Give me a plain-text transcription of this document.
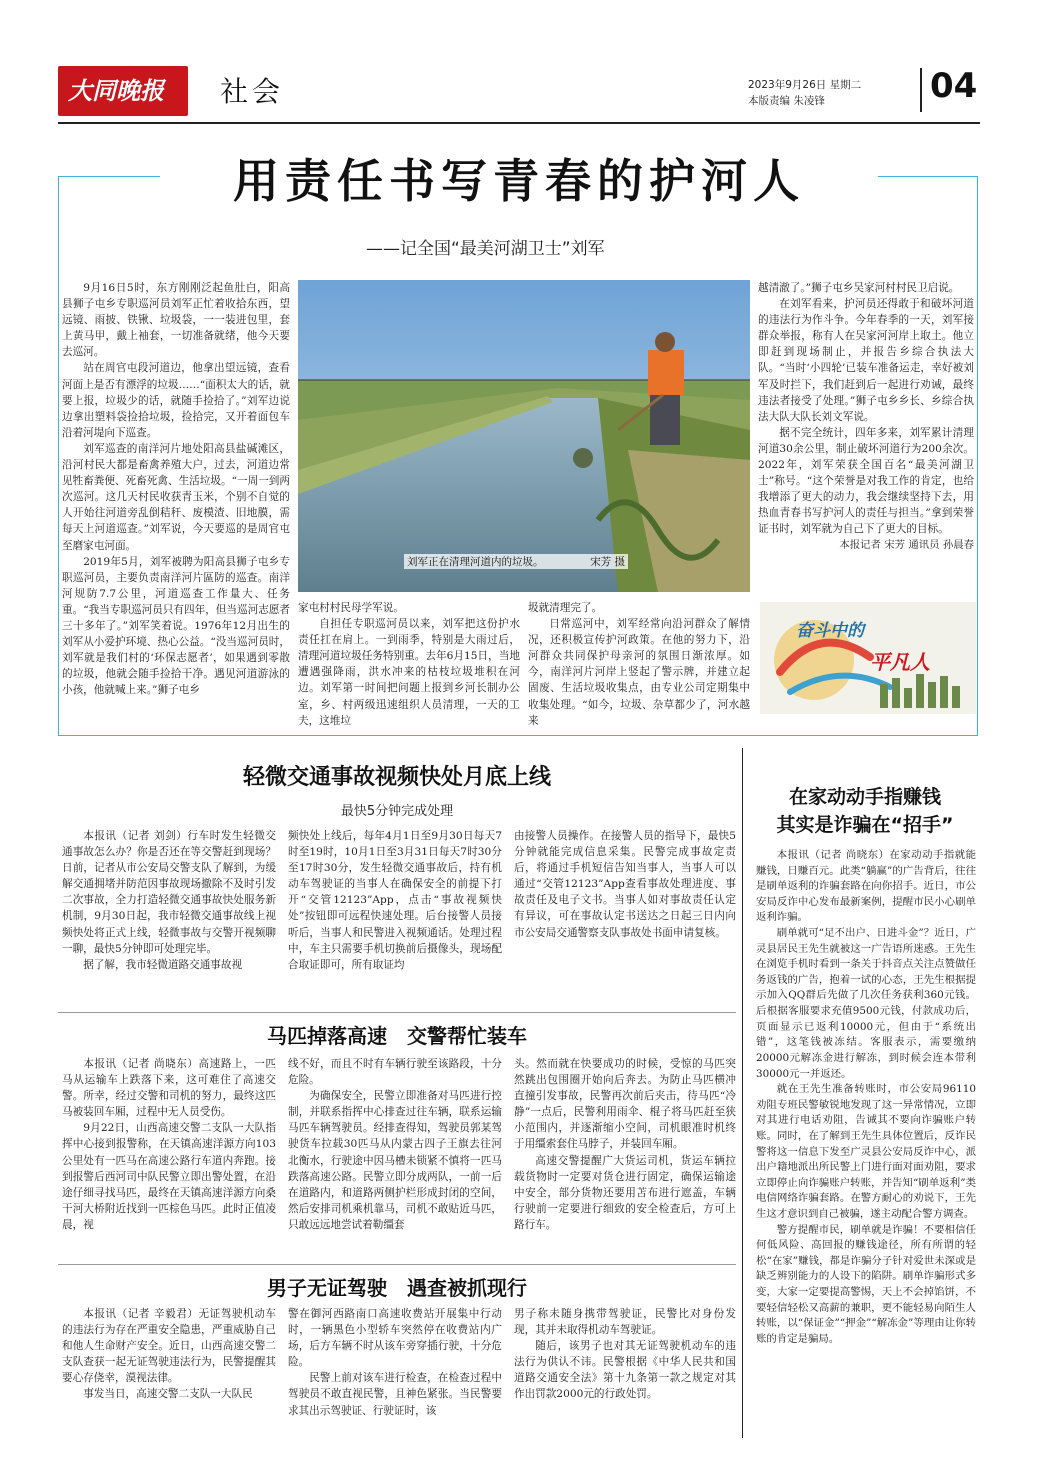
大同晚报	社会	2023年9月26日 星期二
本版责编 朱凌锋	04
用责任书写青春的护河人
——记全国“最美河湖卫士”刘军

9月16日5时，东方刚刚泛起鱼肚白，阳高县狮子屯乡专职巡河员刘军正忙着收拾东西，望远镜、雨披、铁锹、垃圾袋，一一装进包里，套上黄马甲，戴上袖套，一切准备就绪，他今天要去巡河。

站在周官屯段河道边，他拿出望远镜，查看河面上是否有漂浮的垃圾……“面积太大的话，就要上报，垃圾少的话，就随手捡拾了。”刘军边说边拿出塑料袋捡拾垃圾，捡拾完，又开着面包车沿着河堤向下巡查。

刘军巡查的南洋河片地处阳高县盐碱滩区，沿河村民大都是畜禽养殖大户，过去，河道边常见牲畜粪便、死畜死禽、生活垃圾。“一周一到两次巡河。这几天村民收获青玉米，个别不自觉的人开始往河道旁乱倒秸秆、废模渣、旧地膜，需每天上河道巡查。”刘军说，今天要巡的是周官屯至磨家屯河面。

2019年5月，刘军被聘为阳高县狮子屯乡专职巡河员，主要负责南洋河片區防的巡查。南洋河规防7.7公里，河道巡查工作量大、任务重。“我当专职巡河员只有四年，但当巡河志愿者三十多年了。”刘军笑着说。1976年12月出生的刘军从小爱护环境、热心公益。“没当巡河员时，刘军就是我们村的‘环保志愿者’，如果遇到零散的垃圾，他就会随手捡拾干净。遇见河道游泳的小孩，他就喊上来。”狮子屯乡

刘军正在清理河道内的垃圾。	宋芳 摄

家屯村村民母学军说。

自担任专职巡河员以来，刘军把这份护水责任扛在肩上。一到雨季，特别是大雨过后，清理河道垃圾任务特别重。去年6月15日，当地遭遇强降雨，洪水冲来的枯枝垃圾堆积在河边。刘军第一时间把问题上报到乡河长制办公室，乡、村两级迅速组织人员清理，一天的工夫，这堆垃

圾就清理完了。

日常巡河中，刘军经常向沿河群众了解情况，还积极宣传护河政策。在他的努力下，沿河群众共同保护母亲河的氛围日渐浓厚。如今，南洋河片河岸上竖起了警示牌，并建立起固废、生活垃圾收集点，由专业公司定期集中收集处理。“如今，垃圾、杂草都少了，河水越来

越清澈了。”狮子屯乡吴家河村村民卫启说。

在刘军看来，护河员还得敢于和破坏河道的违法行为作斗争。今年春季的一天，刘军接群众举报，称有人在吴家河河岸上取土。他立即赶到现场制止，并报告乡综合执法大队。“当时‘小四轮’已装车准备运走，幸好被刘军及时拦下，我们赶到后一起进行劝诫，最终违法者接受了处理。”狮子屯乡乡长、乡综合执法大队大队长刘文军说。

据不完全统计，四年多来，刘军累计清理河道30余公里，制止破坏河道行为200余次。2022年，刘军荣获全国百名“最美河湖卫士”称号。“这个荣誉是对我工作的肯定，也给我增添了更大的动力，我会继续坚持下去，用热血青春书写护河人的责任与担当。”拿到荣誉证书时，刘军就为自己下了更大的目标。

本报记者 宋芳 通讯员 孙晨春
奋斗中的
平凡人
轻微交通事故视频快处月底上线
最快5分钟完成处理

本报讯（记者 刘剑）行车时发生轻微交通事故怎么办？你是否还在等交警赶到现场？日前，记者从市公安局交警支队了解到，为缓解交通拥堵并防范因事故现场撤除不及时引发二次事故，全力打造轻微交通事故快处服务新机制，9月30日起，我市轻微交通事故线上视频快处将正式上线，轻微事故与交警开视频聊一聊，最快5分钟即可处理完毕。

据了解，我市轻微道路交通事故视

频快处上线后，每年4月1日至9月30日每天7时至19时，10月1日至3月31日每天7时30分至17时30分，发生轻微交通事故后，持有机动车驾驶证的当事人在确保安全的前提下打开“交管12123”App，点击“事故视频快处”按钮即可远程快速处理。后台接警人员接听后，当事人和民警进入视频通话。处理过程中，车主只需要手机切换前后摄像头，现场配合取证即可，所有取证均

由接警人员操作。在接警人员的指导下，最快5分钟就能完成信息采集。民警完成事故定责后，将通过手机短信告知当事人，当事人可以通过“交管12123”App查看事故处理进度、事故责任及电子文书。当事人如对事故责任认定有异议，可在事故认定书送达之日起三日内向市公安局交通警察支队事故处书面申请复核。

马匹掉落高速　交警帮忙装车

本报讯（记者 尚晓东）高速路上，一匹马从运输车上跌落下来，这可难住了高速交警。所幸，经过交警和司机的努力，最终这匹马被装回车厢，过程中无人员受伤。

9月22日，山西高速交警二支队一大队指挥中心接到报警称，在天镇高速洋源方向103公里处有一匹马在高速公路行车道内奔跑。接到报警后西河司中队民警立即出警处置，在沿途仔细寻找马匹，最终在天镇高速洋源方向桑干河大桥附近找到一匹棕色马匹。此时正值凌晨，视

线不好，而且不时有车辆行驶至该路段，十分危险。

为确保安全，民警立即准备对马匹进行控制，并联系指挥中心排查过往车辆，联系运输马匹车辆驾驶员。经排查得知，驾驶员郭某驾驶货车拉载30匹马从内蒙古四子王旗去往河北衡水，行驶途中因马槽未锁紧不慎将一匹马跌落高速公路。民警立即分成两队，一前一后在道路内，和道路两侧护栏形成封闭的空间，然后安排司机乘机靠马，司机不敢贴近马匹，只敢远远地尝试着勒缰套

头。然而就在快要成功的时候，受惊的马匹突然跳出包围圈开始向后奔去。为防止马匹横冲直撞引发事故，民警再次前后夹击，待马匹“冷静”一点后，民警利用雨伞、棍子将马匹赶至狭小范围内，并逐渐缩小空间，司机眼准时机终于用缰索套住马脖子，并装回车厢。

高速交警提醒广大货运司机，货运车辆拉载货物时一定要对货仓进行固定，确保运输途中安全，部分货物还要用苫布进行遮盖，车辆行驶前一定要进行细致的安全检查后，方可上路行车。

男子无证驾驶　遇查被抓现行

本报讯（记者 辛毅君）无证驾驶机动车的违法行为存在严重安全隐患，严重威胁自己和他人生命财产安全。近日，山西高速交警二支队查获一起无证驾驶违法行为，民警提醒其要心存侥幸，漠视法律。

事发当日，高速交警二支队一大队民

警在御河西路南口高速收费站开展集中行动时，一辆黑色小型轿车突然停在收费站内广场，后方车辆不时从该车旁穿插行驶，十分危险。

民警上前对该车进行检查，在检查过程中驾驶员不敢直视民警，且神色紧张。当民警要求其出示驾驶证、行驶证时，该

男子称未随身携带驾驶证，民警比对身份发现，其并未取得机动车驾驶证。

随后，该男子也对其无证驾驶机动车的违法行为供认不讳。民警根据《中华人民共和国道路交通安全法》第十九条第一款之规定对其作出罚款2000元的行政处罚。

在家动动手指赚钱
其实是诈骗在“招手”

本报讯（记者 尚晓东）在家动动手指就能赚钱，日赚百元。此类“躺赢”的广告背后，往往是刷单返利的诈骗套路在向你招手。近日，市公安局反诈中心发布最新案例，提醒市民小心刷单返利诈骗。

刷单就可“足不出户、日进斗金”？近日，广灵县居民王先生就被这一广告语所迷惑。王先生在浏览手机时看到一条关于抖音点关注点赞做任务返钱的广告，抱着一试的心态，王先生根据提示加入QQ群后先做了几次任务获利360元钱。后根据客服要求充值9500元钱，付款成功后，页面显示已返利10000元，但由于“系统出错”，这笔钱被冻结。客服表示，需要缴纳20000元解冻金进行解冻，到时候会连本带利30000元一并返还。

就在王先生准备转账时，市公安局96110劝阻专班民警敏锐地发现了这一异常情况，立即对其进行电话劝阻，告诫其不要向诈骗账户转账。同时，在了解到王先生具体位置后，反诈民警将这一信息下发至广灵县公安局反诈中心，派出户籍地派出所民警上门进行面对面劝阻，要求立即停止向诈骗账户转账，并告知“刷单返利”类电信网络诈骗套路。在警方耐心的劝说下，王先生这才意识到自己被骗，遂主动配合警方调查。

警方提醒市民，刷单就是诈骗！不要相信任何低风险、高回报的赚钱途径，所有所谓的轻松“在家”赚钱，都是诈骗分子针对爱世未深或是缺乏辨别能力的人设下的陷阱。刷单诈骗形式多变，大家一定要提高警惕，天上不会掉馅饼，不要轻信轻松又高薪的兼职，更不能轻易向陌生人转账，以“保证金”“押金”“解冻金”等理由让你转账的肯定是骗局。
